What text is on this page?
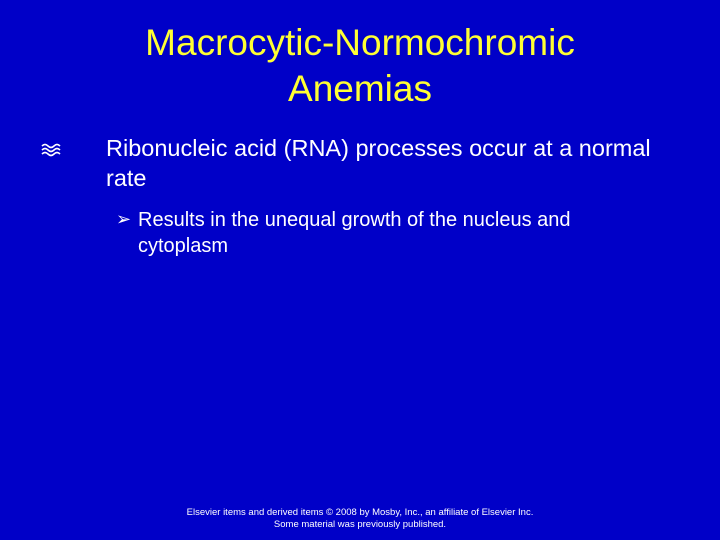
Macrocytic-Normochromic
Anemias
Ribonucleic acid (RNA) processes occur at a normal rate
➢ Results in the unequal growth of the nucleus and cytoplasm
Elsevier items and derived items © 2008 by Mosby, Inc., an affiliate of Elsevier Inc.
Some material was previously published.
